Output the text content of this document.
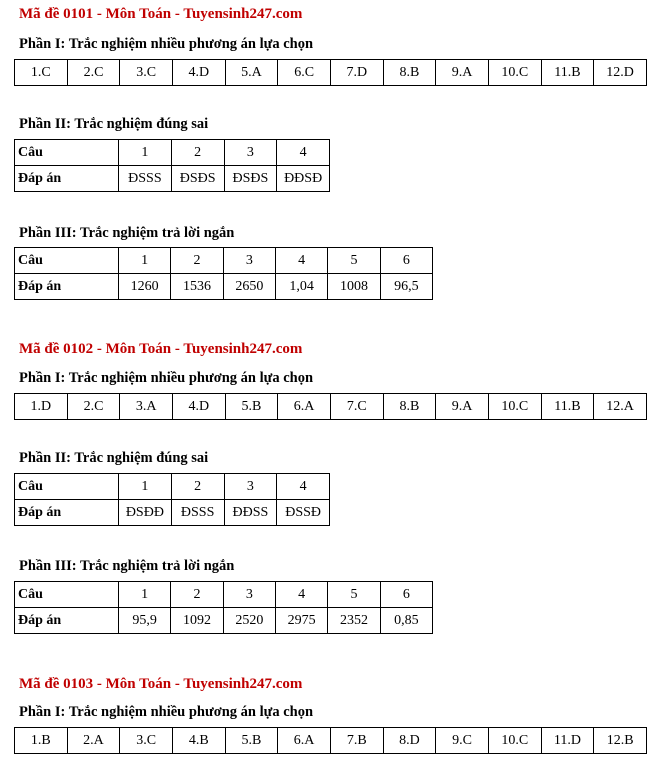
Mã đề 0101 - Môn Toán - Tuyensinh247.com
Phần I: Trắc nghiệm nhiều phương án lựa chọn
1.C	2.C	3.C	4.D	5.A	6.C	7.D	8.B	9.A	10.C	11.B	12.D
Phần II: Trắc nghiệm đúng sai
Câu	1	2	3	4
Đáp án	ĐSSS	ĐSĐS	ĐSĐS	ĐĐSĐ
Phần III: Trắc nghiệm trả lời ngắn
Câu	1	2	3	4	5	6
Đáp án	1260	1536	2650	1,04	1008	96,5
Mã đề 0102 - Môn Toán - Tuyensinh247.com
Phần I: Trắc nghiệm nhiều phương án lựa chọn
1.D	2.C	3.A	4.D	5.B	6.A	7.C	8.B	9.A	10.C	11.B	12.A
Phần II: Trắc nghiệm đúng sai
Câu	1	2	3	4
Đáp án	ĐSĐĐ	ĐSSS	ĐĐSS	ĐSSĐ
Phần III: Trắc nghiệm trả lời ngắn
Câu	1	2	3	4	5	6
Đáp án	95,9	1092	2520	2975	2352	0,85
Mã đề 0103 - Môn Toán - Tuyensinh247.com
Phần I: Trắc nghiệm nhiều phương án lựa chọn
1.B	2.A	3.C	4.B	5.B	6.A	7.B	8.D	9.C	10.C	11.D	12.B
